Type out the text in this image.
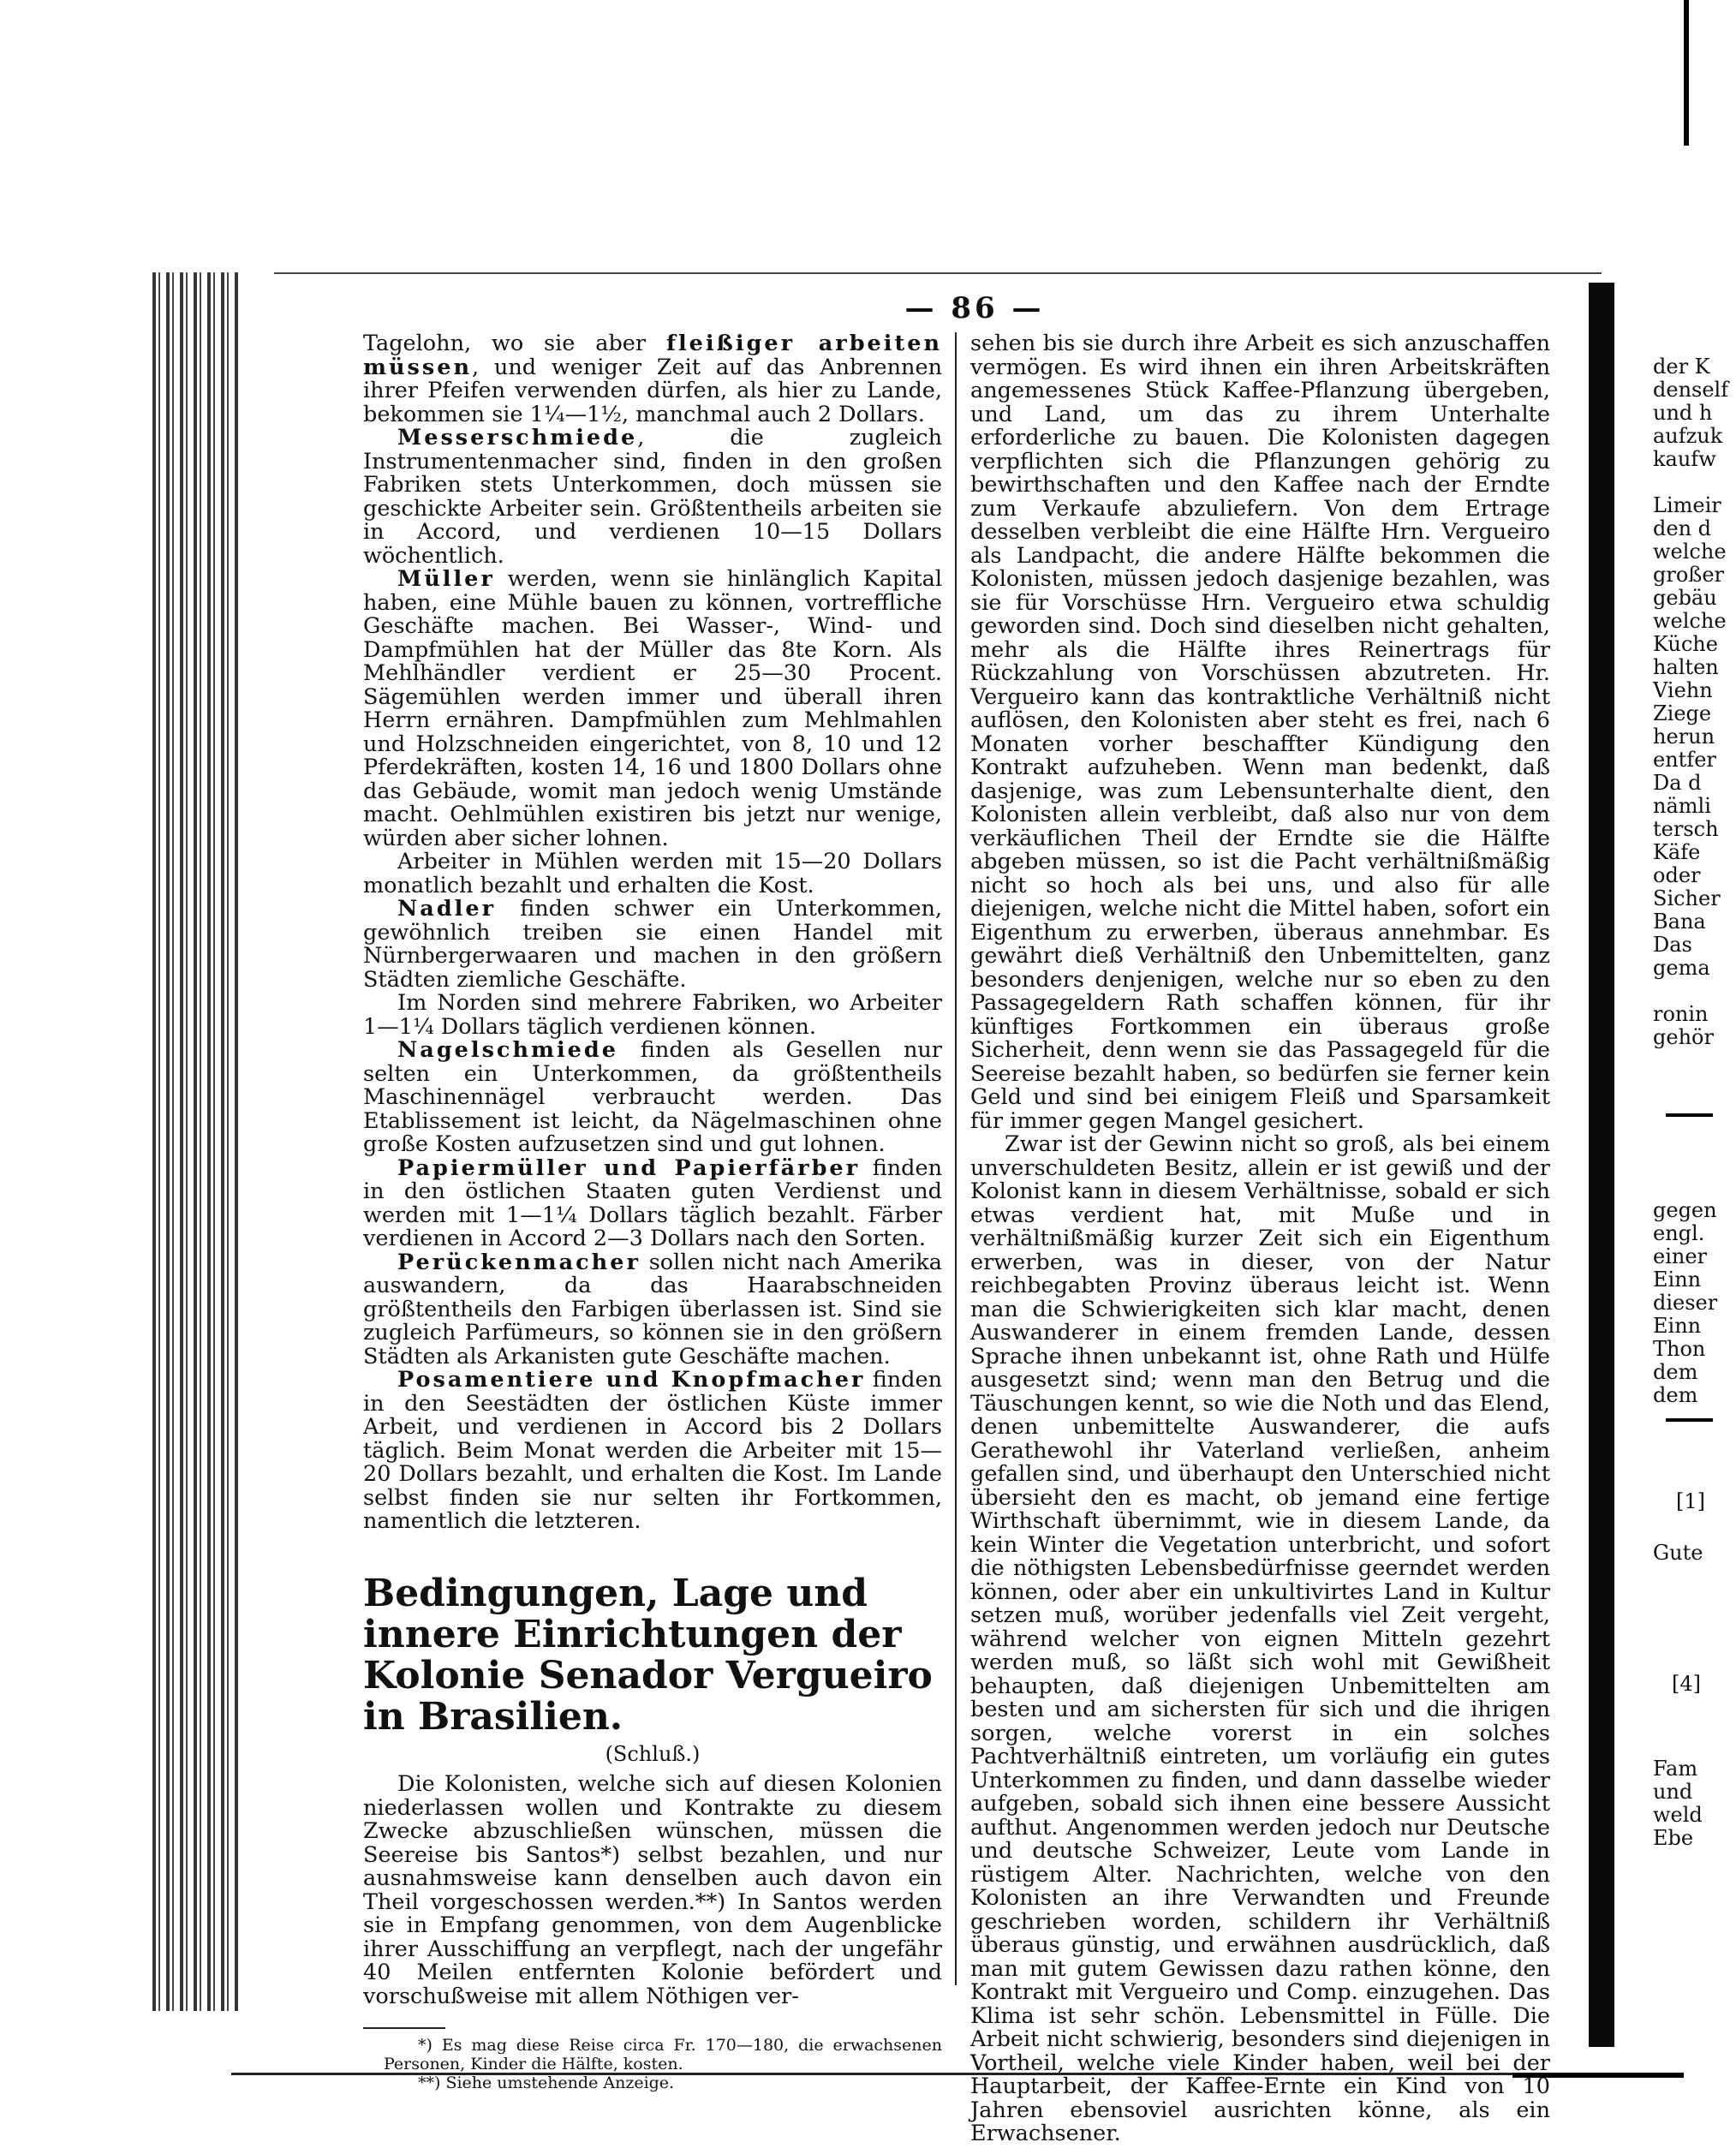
— 86 —

Tagelohn, wo sie aber fleißiger arbeiten müssen, und weniger Zeit auf das Anbrennen ihrer Pfeifen verwenden dürfen, als hier zu Lande, bekommen sie 1¼—1½, manchmal auch 2 Dollars.

Messerschmiede, die zugleich Instrumentenmacher sind, finden in den großen Fabriken stets Unterkommen, doch müssen sie geschickte Arbeiter sein. Größtentheils arbeiten sie in Accord, und verdienen 10—15 Dollars wöchentlich.

Müller werden, wenn sie hinlänglich Kapital haben, eine Mühle bauen zu können, vortreffliche Geschäfte machen. Bei Wasser-, Wind- und Dampfmühlen hat der Müller das 8te Korn. Als Mehlhändler verdient er 25—30 Procent. Sägemühlen werden immer und überall ihren Herrn ernähren. Dampfmühlen zum Mehlmahlen und Holzschneiden eingerichtet, von 8, 10 und 12 Pferdekräften, kosten 14, 16 und 1800 Dollars ohne das Gebäude, womit man jedoch wenig Umstände macht. Oehlmühlen existiren bis jetzt nur wenige, würden aber sicher lohnen.

Arbeiter in Mühlen werden mit 15—20 Dollars monatlich bezahlt und erhalten die Kost.

Nadler finden schwer ein Unterkommen, gewöhnlich treiben sie einen Handel mit Nürnbergerwaaren und machen in den größern Städten ziemliche Geschäfte.

Im Norden sind mehrere Fabriken, wo Arbeiter 1—1¼ Dollars täglich verdienen können.

Nagelschmiede finden als Gesellen nur selten ein Unterkommen, da größtentheils Maschinennägel verbraucht werden. Das Etablissement ist leicht, da Nägelmaschinen ohne große Kosten aufzusetzen sind und gut lohnen.

Papiermüller und Papierfärber finden in den östlichen Staaten guten Verdienst und werden mit 1—1¼ Dollars täglich bezahlt. Färber verdienen in Accord 2—3 Dollars nach den Sorten.

Perückenmacher sollen nicht nach Amerika auswandern, da das Haarabschneiden größtentheils den Farbigen überlassen ist. Sind sie zugleich Parfümeurs, so können sie in den größern Städten als Arkanisten gute Geschäfte machen.

Posamentiere und Knopfmacher finden in den Seestädten der östlichen Küste immer Arbeit, und verdienen in Accord bis 2 Dollars täglich. Beim Monat werden die Arbeiter mit 15—20 Dollars bezahlt, und erhalten die Kost. Im Lande selbst finden sie nur selten ihr Fortkommen, namentlich die letzteren.

Bedingungen, Lage und innere Einrichtungen der Kolonie Senador Vergueiro in Brasilien.
(Schluß.)

Die Kolonisten, welche sich auf diesen Kolonien niederlassen wollen und Kontrakte zu diesem Zwecke abzuschließen wünschen, müssen die Seereise bis Santos*) selbst bezahlen, und nur ausnahmsweise kann denselben auch davon ein Theil vorgeschossen werden.**) In Santos werden sie in Empfang genommen, von dem Augenblicke ihrer Ausschiffung an verpflegt, nach der ungefähr 40 Meilen entfernten Kolonie befördert und vorschußweise mit allem Nöthigen ver-

*) Es mag diese Reise circa Fr. 170—180, die erwachsenen Personen, Kinder die Hälfte, kosten.

**) Siehe umstehende Anzeige.

sehen bis sie durch ihre Arbeit es sich anzuschaffen vermögen. Es wird ihnen ein ihren Arbeitskräften angemessenes Stück Kaffee-Pflanzung übergeben, und Land, um das zu ihrem Unterhalte erforderliche zu bauen. Die Kolonisten dagegen verpflichten sich die Pflanzungen gehörig zu bewirthschaften und den Kaffee nach der Erndte zum Verkaufe abzuliefern. Von dem Ertrage desselben verbleibt die eine Hälfte Hrn. Vergueiro als Landpacht, die andere Hälfte bekommen die Kolonisten, müssen jedoch dasjenige bezahlen, was sie für Vorschüsse Hrn. Vergueiro etwa schuldig geworden sind. Doch sind dieselben nicht gehalten, mehr als die Hälfte ihres Reinertrags für Rückzahlung von Vorschüssen abzutreten. Hr. Vergueiro kann das kontraktliche Verhältniß nicht auflösen, den Kolonisten aber steht es frei, nach 6 Monaten vorher beschaffter Kündigung den Kontrakt aufzuheben. Wenn man bedenkt, daß dasjenige, was zum Lebensunterhalte dient, den Kolonisten allein verbleibt, daß also nur von dem verkäuflichen Theil der Erndte sie die Hälfte abgeben müssen, so ist die Pacht verhältnißmäßig nicht so hoch als bei uns, und also für alle diejenigen, welche nicht die Mittel haben, sofort ein Eigenthum zu erwerben, überaus annehmbar. Es gewährt dieß Verhältniß den Unbemittelten, ganz besonders denjenigen, welche nur so eben zu den Passagegeldern Rath schaffen können, für ihr künftiges Fortkommen ein überaus große Sicherheit, denn wenn sie das Passagegeld für die Seereise bezahlt haben, so bedürfen sie ferner kein Geld und sind bei einigem Fleiß und Sparsamkeit für immer gegen Mangel gesichert.

Zwar ist der Gewinn nicht so groß, als bei einem unverschuldeten Besitz, allein er ist gewiß und der Kolonist kann in diesem Verhältnisse, sobald er sich etwas verdient hat, mit Muße und in verhältnißmäßig kurzer Zeit sich ein Eigenthum erwerben, was in dieser, von der Natur reichbegabten Provinz überaus leicht ist. Wenn man die Schwierigkeiten sich klar macht, denen Auswanderer in einem fremden Lande, dessen Sprache ihnen unbekannt ist, ohne Rath und Hülfe ausgesetzt sind; wenn man den Betrug und die Täuschungen kennt, so wie die Noth und das Elend, denen unbemittelte Auswanderer, die aufs Gerathewohl ihr Vaterland verließen, anheim gefallen sind, und überhaupt den Unterschied nicht übersieht den es macht, ob jemand eine fertige Wirthschaft übernimmt, wie in diesem Lande, da kein Winter die Vegetation unterbricht, und sofort die nöthigsten Lebensbedürfnisse geerndet werden können, oder aber ein unkultivirtes Land in Kultur setzen muß, worüber jedenfalls viel Zeit vergeht, während welcher von eignen Mitteln gezehrt werden muß, so läßt sich wohl mit Gewißheit behaupten, daß diejenigen Unbemittelten am besten und am sichersten für sich und die ihrigen sorgen, welche vorerst in ein solches Pachtverhältniß eintreten, um vorläufig ein gutes Unterkommen zu finden, und dann dasselbe wieder aufgeben, sobald sich ihnen eine bessere Aussicht aufthut. Angenommen werden jedoch nur Deutsche und deutsche Schweizer, Leute vom Lande in rüstigem Alter. Nachrichten, welche von den Kolonisten an ihre Verwandten und Freunde geschrieben worden, schildern ihr Verhältniß überaus günstig, und erwähnen ausdrücklich, daß man mit gutem Gewissen dazu rathen könne, den Kontrakt mit Vergueiro und Comp. einzugehen. Das Klima ist sehr schön. Lebensmittel in Fülle. Die Arbeit nicht schwierig, besonders sind diejenigen in Vortheil, welche viele Kinder haben, weil bei der Hauptarbeit, der Kaffee-Ernte ein Kind von 10 Jahren ebensoviel ausrichten könne, als ein Erwachsener.

der K
denself
und h
aufzuk
kaufw
Limeir
den d
welche
großer
gebäu
welche
Küche
halten
Viehn
Ziege
herun
entfer
Da d
nämli
tersch
Käfe
oder
Sicher
Bana
Das
gema
ronin
gehör
gegen
engl.
einer
Einn
dieser
Einn
Thon
dem
dem
[1]
Gute
[4]
Fam
und
weld
Ebe
